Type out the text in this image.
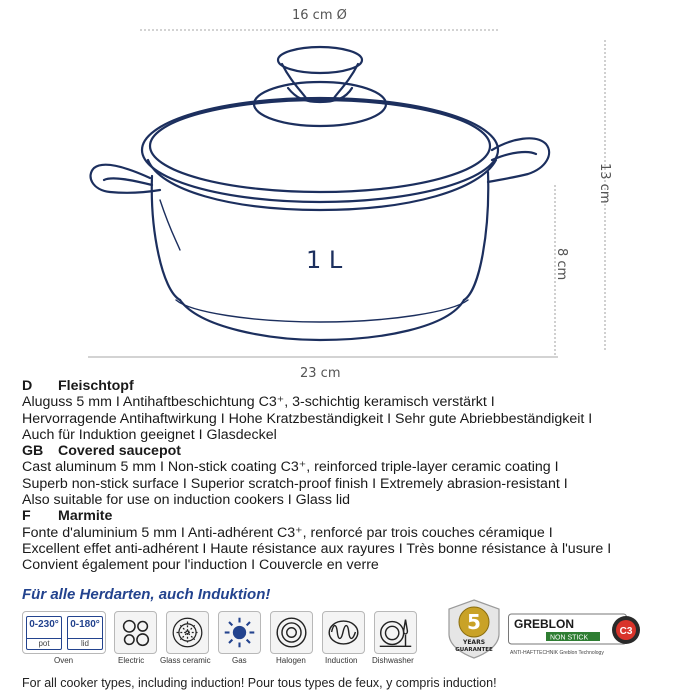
16 cm Ø
23 cm
13 cm
8 cm
1 L
D Fleischtopf
Aluguss 5 mm I Antihaftbeschichtung C3⁺, 3-schichtig keramisch verstärkt I
Hervorragende Antihaftwirkung I Hohe Kratzbeständigkeit I Sehr gute Abriebbeständigkeit I
Auch für Induktion geeignet I Glasdeckel
GB Covered saucepot
Cast aluminum 5 mm I Non-stick coating C3⁺, reinforced triple-layer ceramic coating I
Superb non-stick surface I Superior scratch-proof finish I Extremely abrasion-resistant I
Also suitable for use on induction cookers I Glass lid
F Marmite
Fonte d'aluminium 5 mm I Anti-adhérent C3⁺, renforcé par trois couches céramique I
Excellent effet anti-adhérent I Haute résistance aux rayures I Très bonne résistance à l'usure I
Convient également pour l'induction I Couvercle en verre
Für alle Herdarten, auch Induktion!
0-230°
pot
0-180°
lid
Oven	Electric Glass ceramic	Gas	Halogen Induction Dishwasher
5
YEARS
GUARANTEE
GREBLON
NON STICK
C3
ANTI-HAFTTECHNIK Greblon Technology
For all cooker types, including induction! Pour tous types de feux, y compris induction!
